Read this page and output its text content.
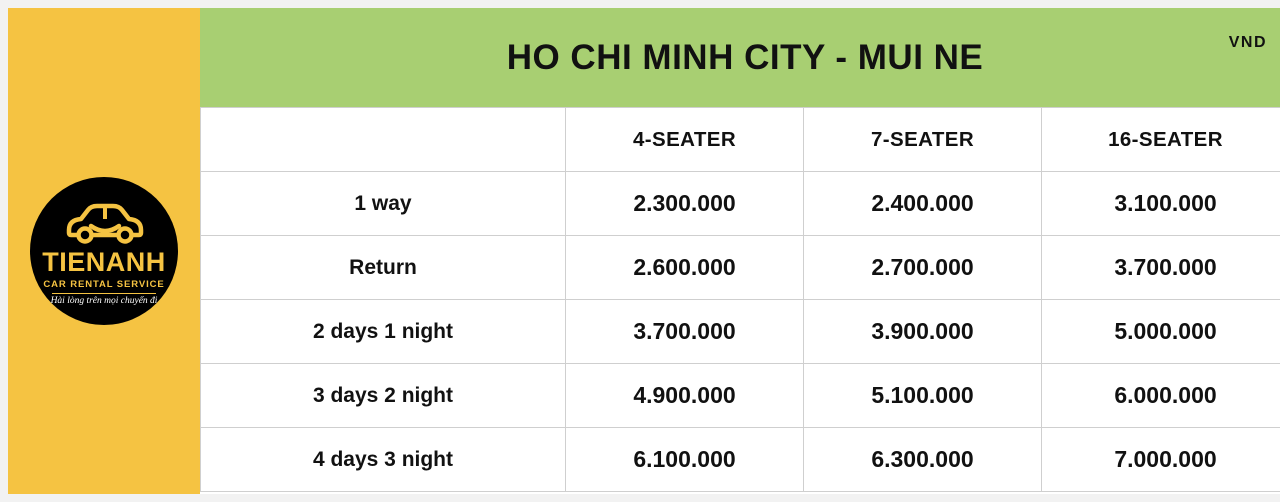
TIENANH
CAR RENTAL SERVICE
Hài lòng trên mọi chuyến đi
HO CHI MINH CITY - MUI NE	VND
	4-SEATER	7-SEATER	16-SEATER
1 way	2.300.000	2.400.000	3.100.000
Return	2.600.000	2.700.000	3.700.000
2 days 1 night	3.700.000	3.900.000	5.000.000
3 days 2 night	4.900.000	5.100.000	6.000.000
4 days 3 night	6.100.000	6.300.000	7.000.000
